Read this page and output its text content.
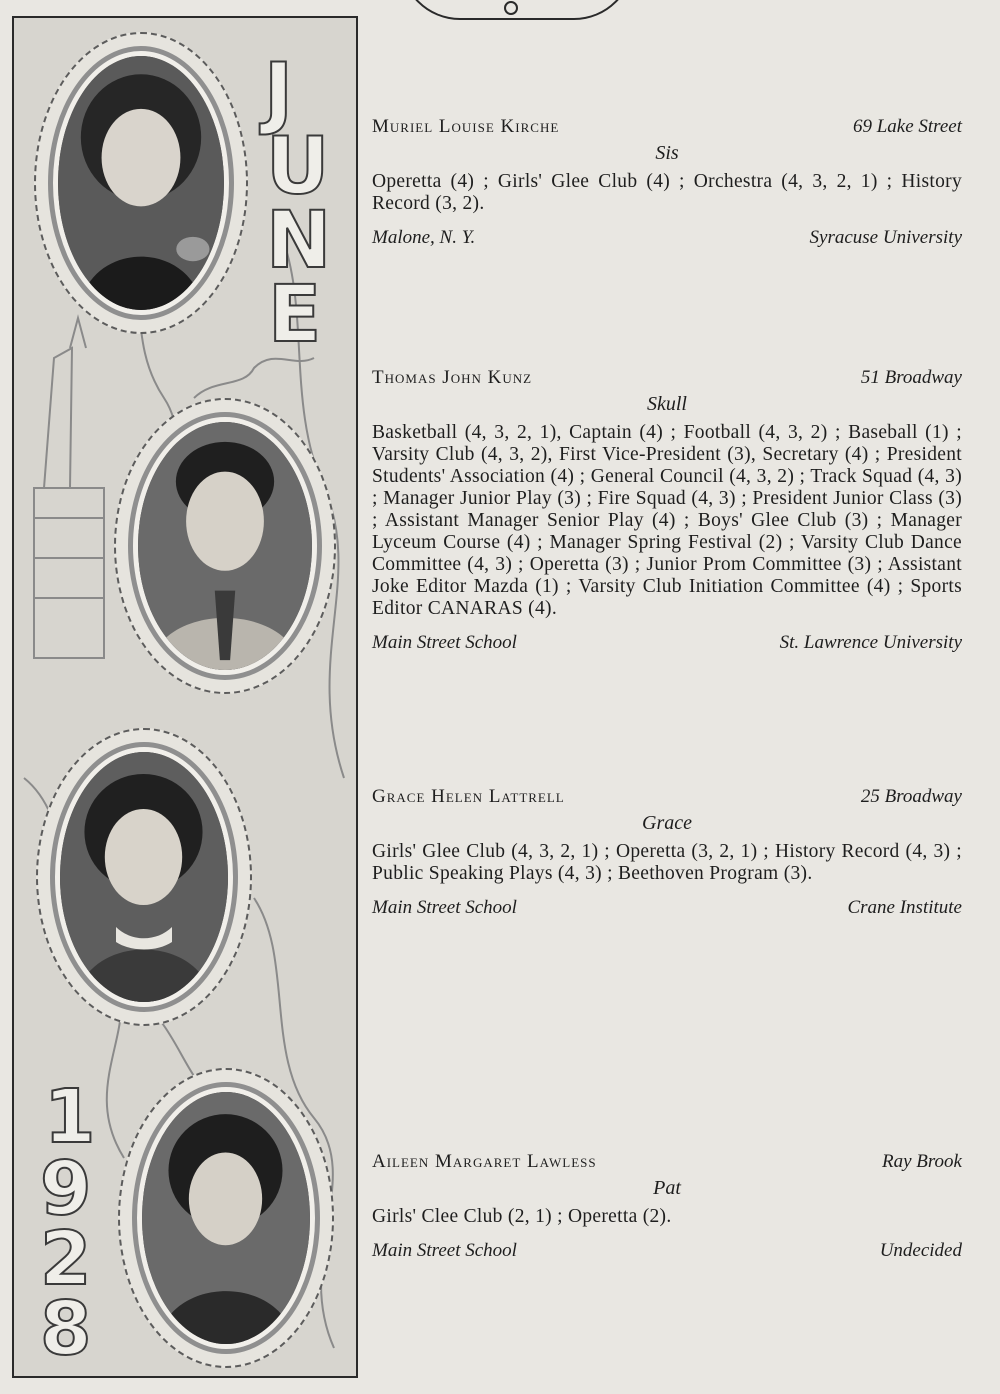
J
U
N
E
1
9
2
8
Muriel Louise Kirche	69 Lake Street
Sis
Operetta (4) ; Girls' Glee Club (4) ; Orchestra (4, 3, 2, 1) ; History Record (3, 2).
Malone, N. Y.	Syracuse University
Thomas John Kunz	51 Broadway
Skull
Basketball (4, 3, 2, 1), Captain (4) ; Football (4, 3, 2) ; Baseball (1) ; Varsity Club (4, 3, 2), First Vice-President (3), Secretary (4) ; President Students' Association (4) ; General Council (4, 3, 2) ; Track Squad (4, 3) ; Manager Junior Play (3) ; Fire Squad (4, 3) ; President Junior Class (3) ; Assistant Manager Senior Play (4) ; Boys' Glee Club (3) ; Manager Lyceum Course (4) ; Manager Spring Festival (2) ; Varsity Club Dance Committee (4, 3) ; Operetta (3) ; Junior Prom Committee (3) ; Assistant Joke Editor Mazda (1) ; Varsity Club Initiation Committee (4) ; Sports Editor CANARAS (4).
Main Street School	St. Lawrence University
Grace Helen Lattrell	25 Broadway
Grace
Girls' Glee Club (4, 3, 2, 1) ; Operetta (3, 2, 1) ; History Record (4, 3) ; Public Speaking Plays (4, 3) ; Beethoven Program (3).
Main Street School	Crane Institute
Aileen Margaret Lawless	Ray Brook
Pat
Girls' Clee Club (2, 1) ; Operetta (2).
Main Street School	Undecided
